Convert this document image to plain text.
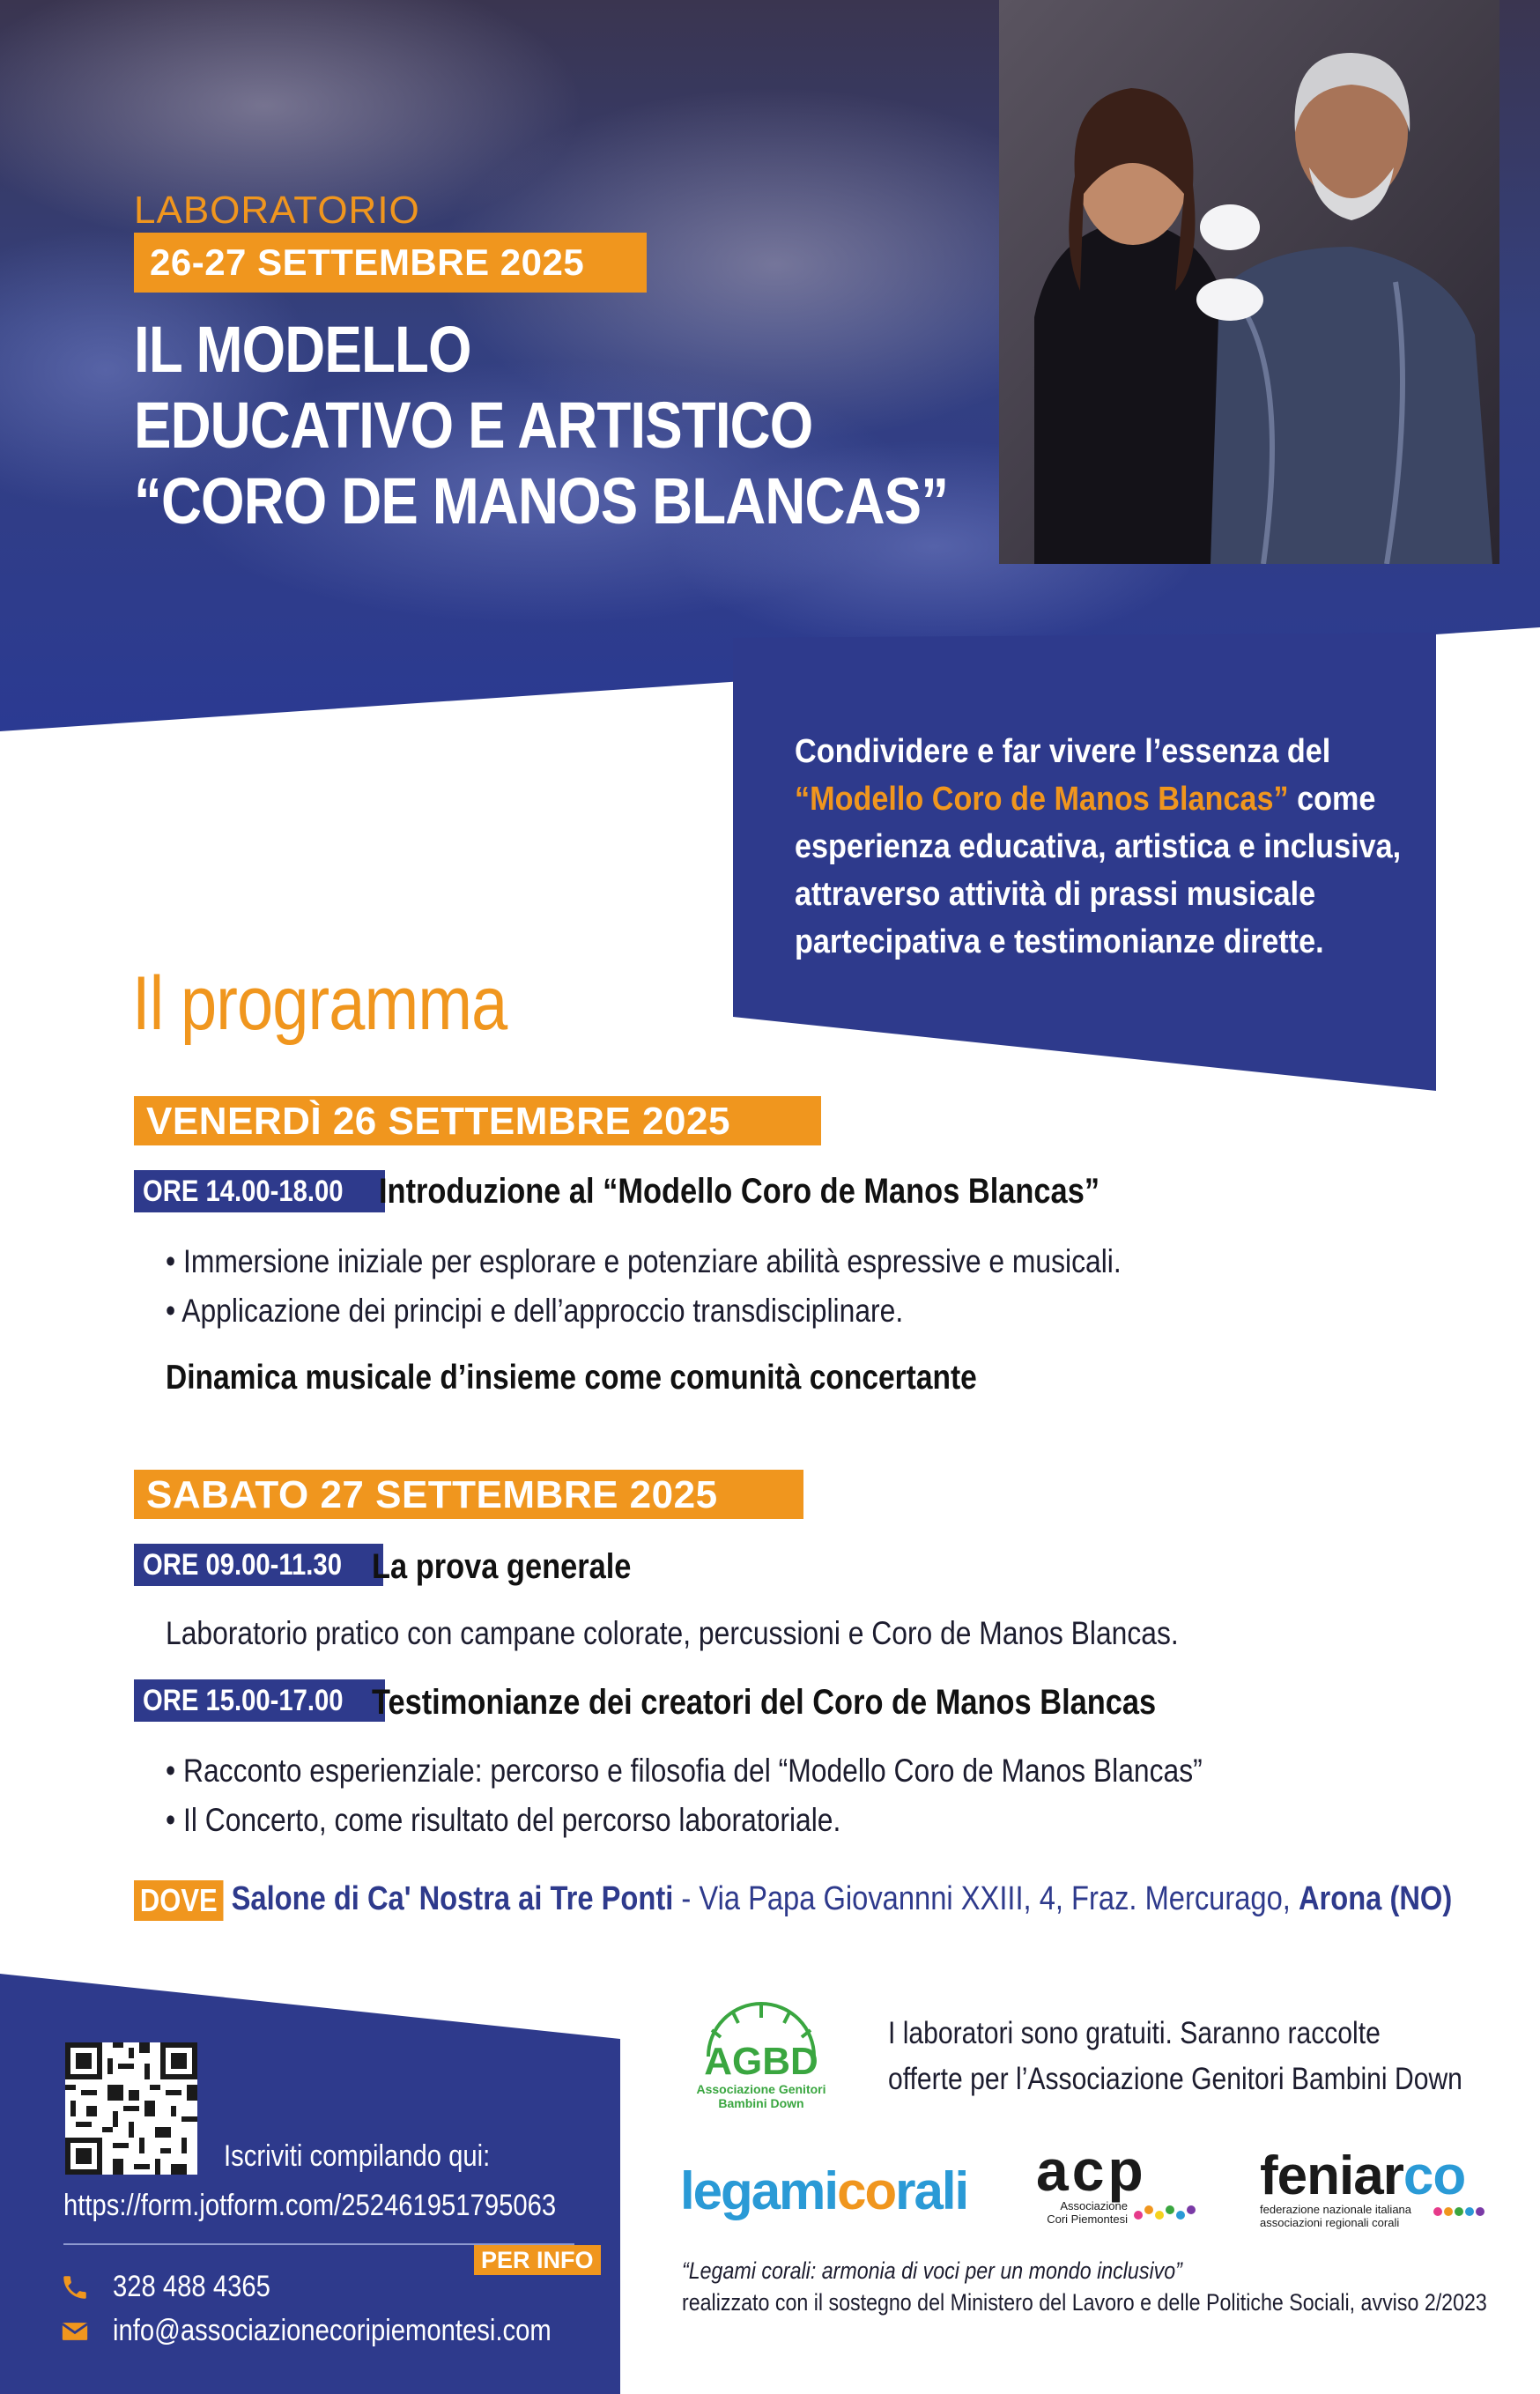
LABORATORIO
26-27 SETTEMBRE 2025
IL MODELLO
EDUCATIVO E ARTISTICO
“CORO DE MANOS BLANCAS”
Condividere e far vivere l’essenza del
“Modello Coro de Manos Blancas” come
esperienza educativa, artistica e inclusiva,
attraverso attività di prassi musicale
partecipativa e testimonianze dirette.
Il programma
VENERDÌ 26 SETTEMBRE 2025
ORE 14.00-18.00	Introduzione al “Modello Coro de Manos Blancas”
• Immersione iniziale per esplorare e potenziare abilità espressive e musicali.
• Applicazione dei principi e dell’approccio transdisciplinare.
Dinamica musicale d’insieme come comunità concertante
SABATO 27 SETTEMBRE 2025
ORE 09.00-11.30 La prova generale
Laboratorio pratico con campane colorate, percussioni e Coro de Manos Blancas.
ORE 15.00-17.00 Testimonianze dei creatori del Coro de Manos Blancas
• Racconto esperienziale: percorso e filosofia del “Modello Coro de Manos Blancas”
• Il Concerto, come risultato del percorso laboratoriale.
DOVE Salone di Ca' Nostra ai Tre Ponti - Via Papa Giovannni XXIII, 4, Fraz. Mercurago, Arona (NO)
Iscriviti compilando qui:
https://form.jotform.com/252461951795063
PER INFO
328 488 4365
info@associazionecoripiemontesi.com
AGBD
Associazione Genitori
Bambini Down
I laboratori sono gratuiti. Saranno raccolte
offerte per l’Associazione Genitori Bambini Down
legamicorali acp
Associazione
Cori Piemontesi
feniarco
federazione nazionale italiana
associazioni regionali corali
“Legami corali: armonia di voci per un mondo inclusivo”
realizzato con il sostegno del Ministero del Lavoro e delle Politiche Sociali, avviso 2/2023
